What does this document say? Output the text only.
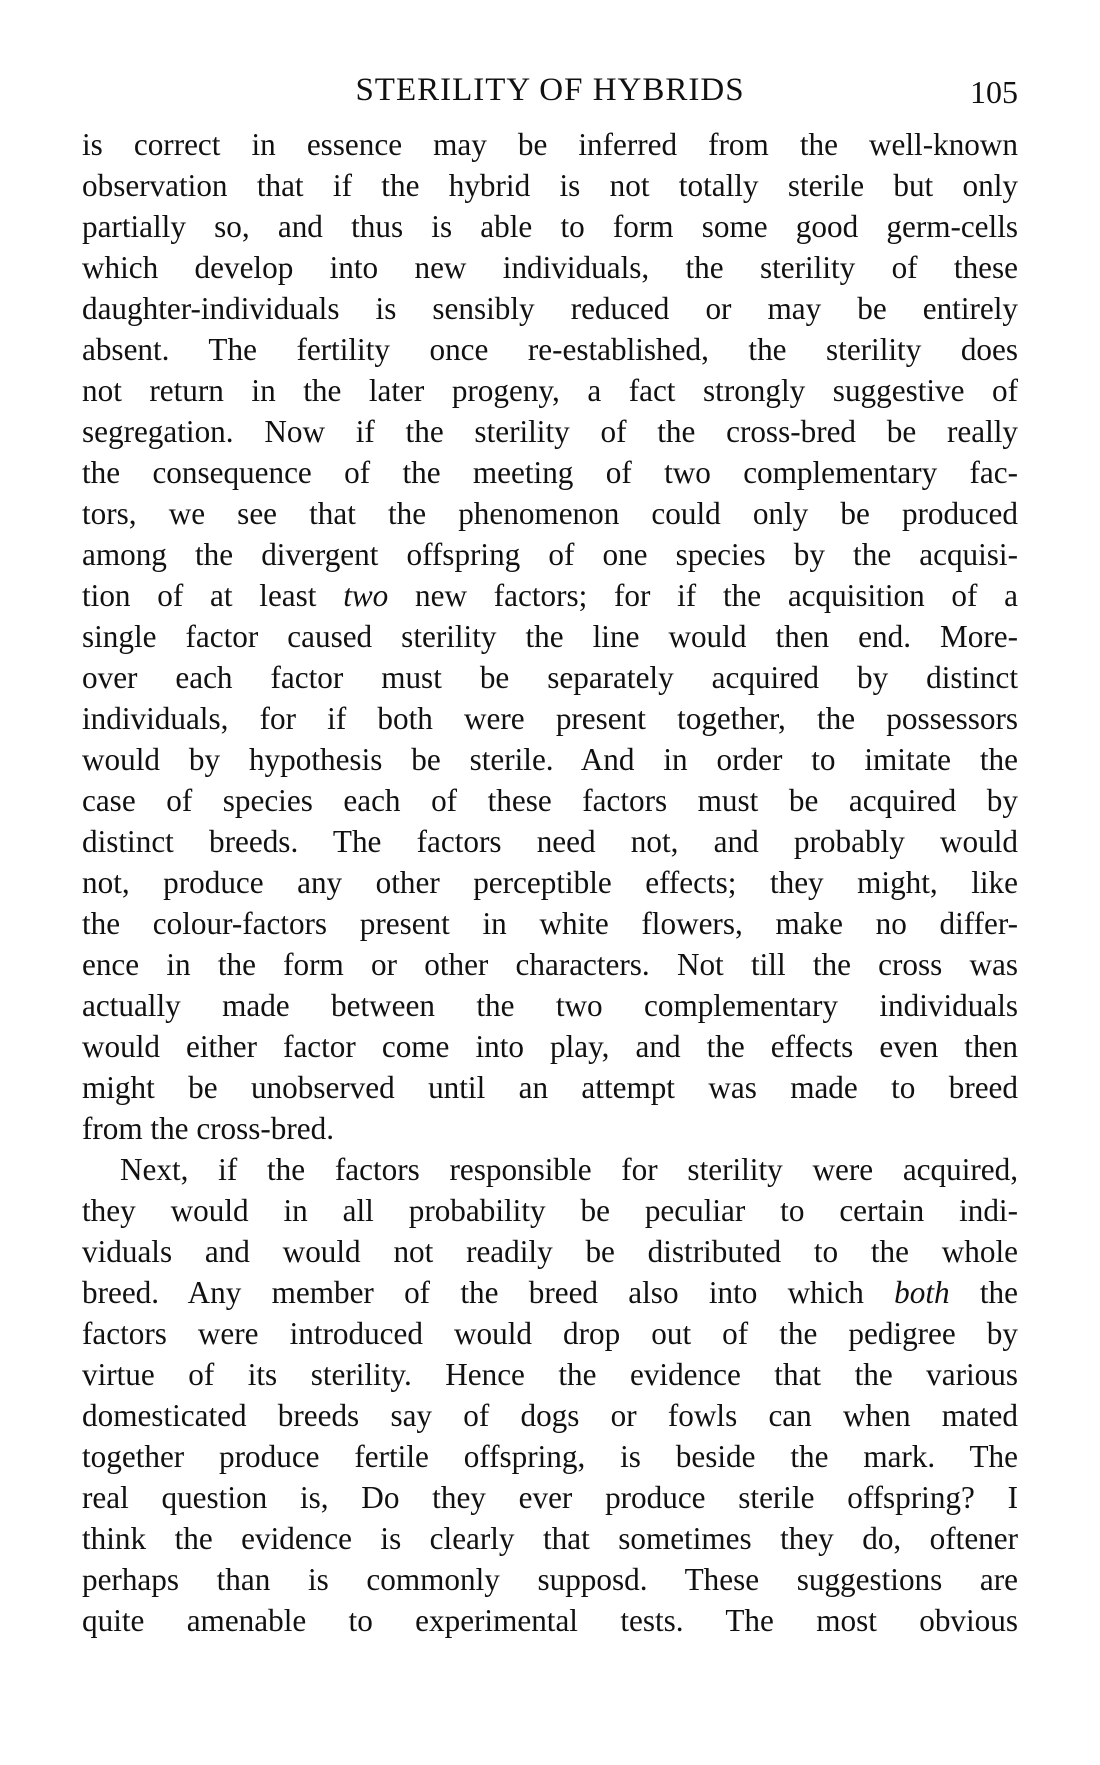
STERILITY OF HYBRIDS	105

is correct in essence may be inferred from the well-known

observation that if the hybrid is not totally sterile but only

partially so, and thus is able to form some good germ-cells

which develop into new individuals, the sterility of these

daughter-individuals is sensibly reduced or may be entirely

absent. The fertility once re-established, the sterility does

not return in the later progeny, a fact strongly suggestive of

segregation. Now if the sterility of the cross-bred be really

the consequence of the meeting of two complementary fac-

tors, we see that the phenomenon could only be produced

among the divergent offspring of one species by the acquisi-

tion of at least two new factors; for if the acquisition of a

single factor caused sterility the line would then end. More-

over each factor must be separately acquired by distinct

individuals, for if both were present together, the possessors

would by hypothesis be sterile. And in order to imitate the

case of species each of these factors must be acquired by

distinct breeds. The factors need not, and probably would

not, produce any other perceptible effects; they might, like

the colour-factors present in white flowers, make no differ-

ence in the form or other characters. Not till the cross was

actually made between the two complementary individuals

would either factor come into play, and the effects even then

might be unobserved until an attempt was made to breed

from the cross-bred.

Next, if the factors responsible for sterility were acquired,

they would in all probability be peculiar to certain indi-

viduals and would not readily be distributed to the whole

breed. Any member of the breed also into which both the

factors were introduced would drop out of the pedigree by

virtue of its sterility. Hence the evidence that the various

domesticated breeds say of dogs or fowls can when mated

together produce fertile offspring, is beside the mark. The

real question is, Do they ever produce sterile offspring? I

think the evidence is clearly that sometimes they do, oftener

perhaps than is commonly supposd. These suggestions are

quite amenable to experimental tests. The most obvious
